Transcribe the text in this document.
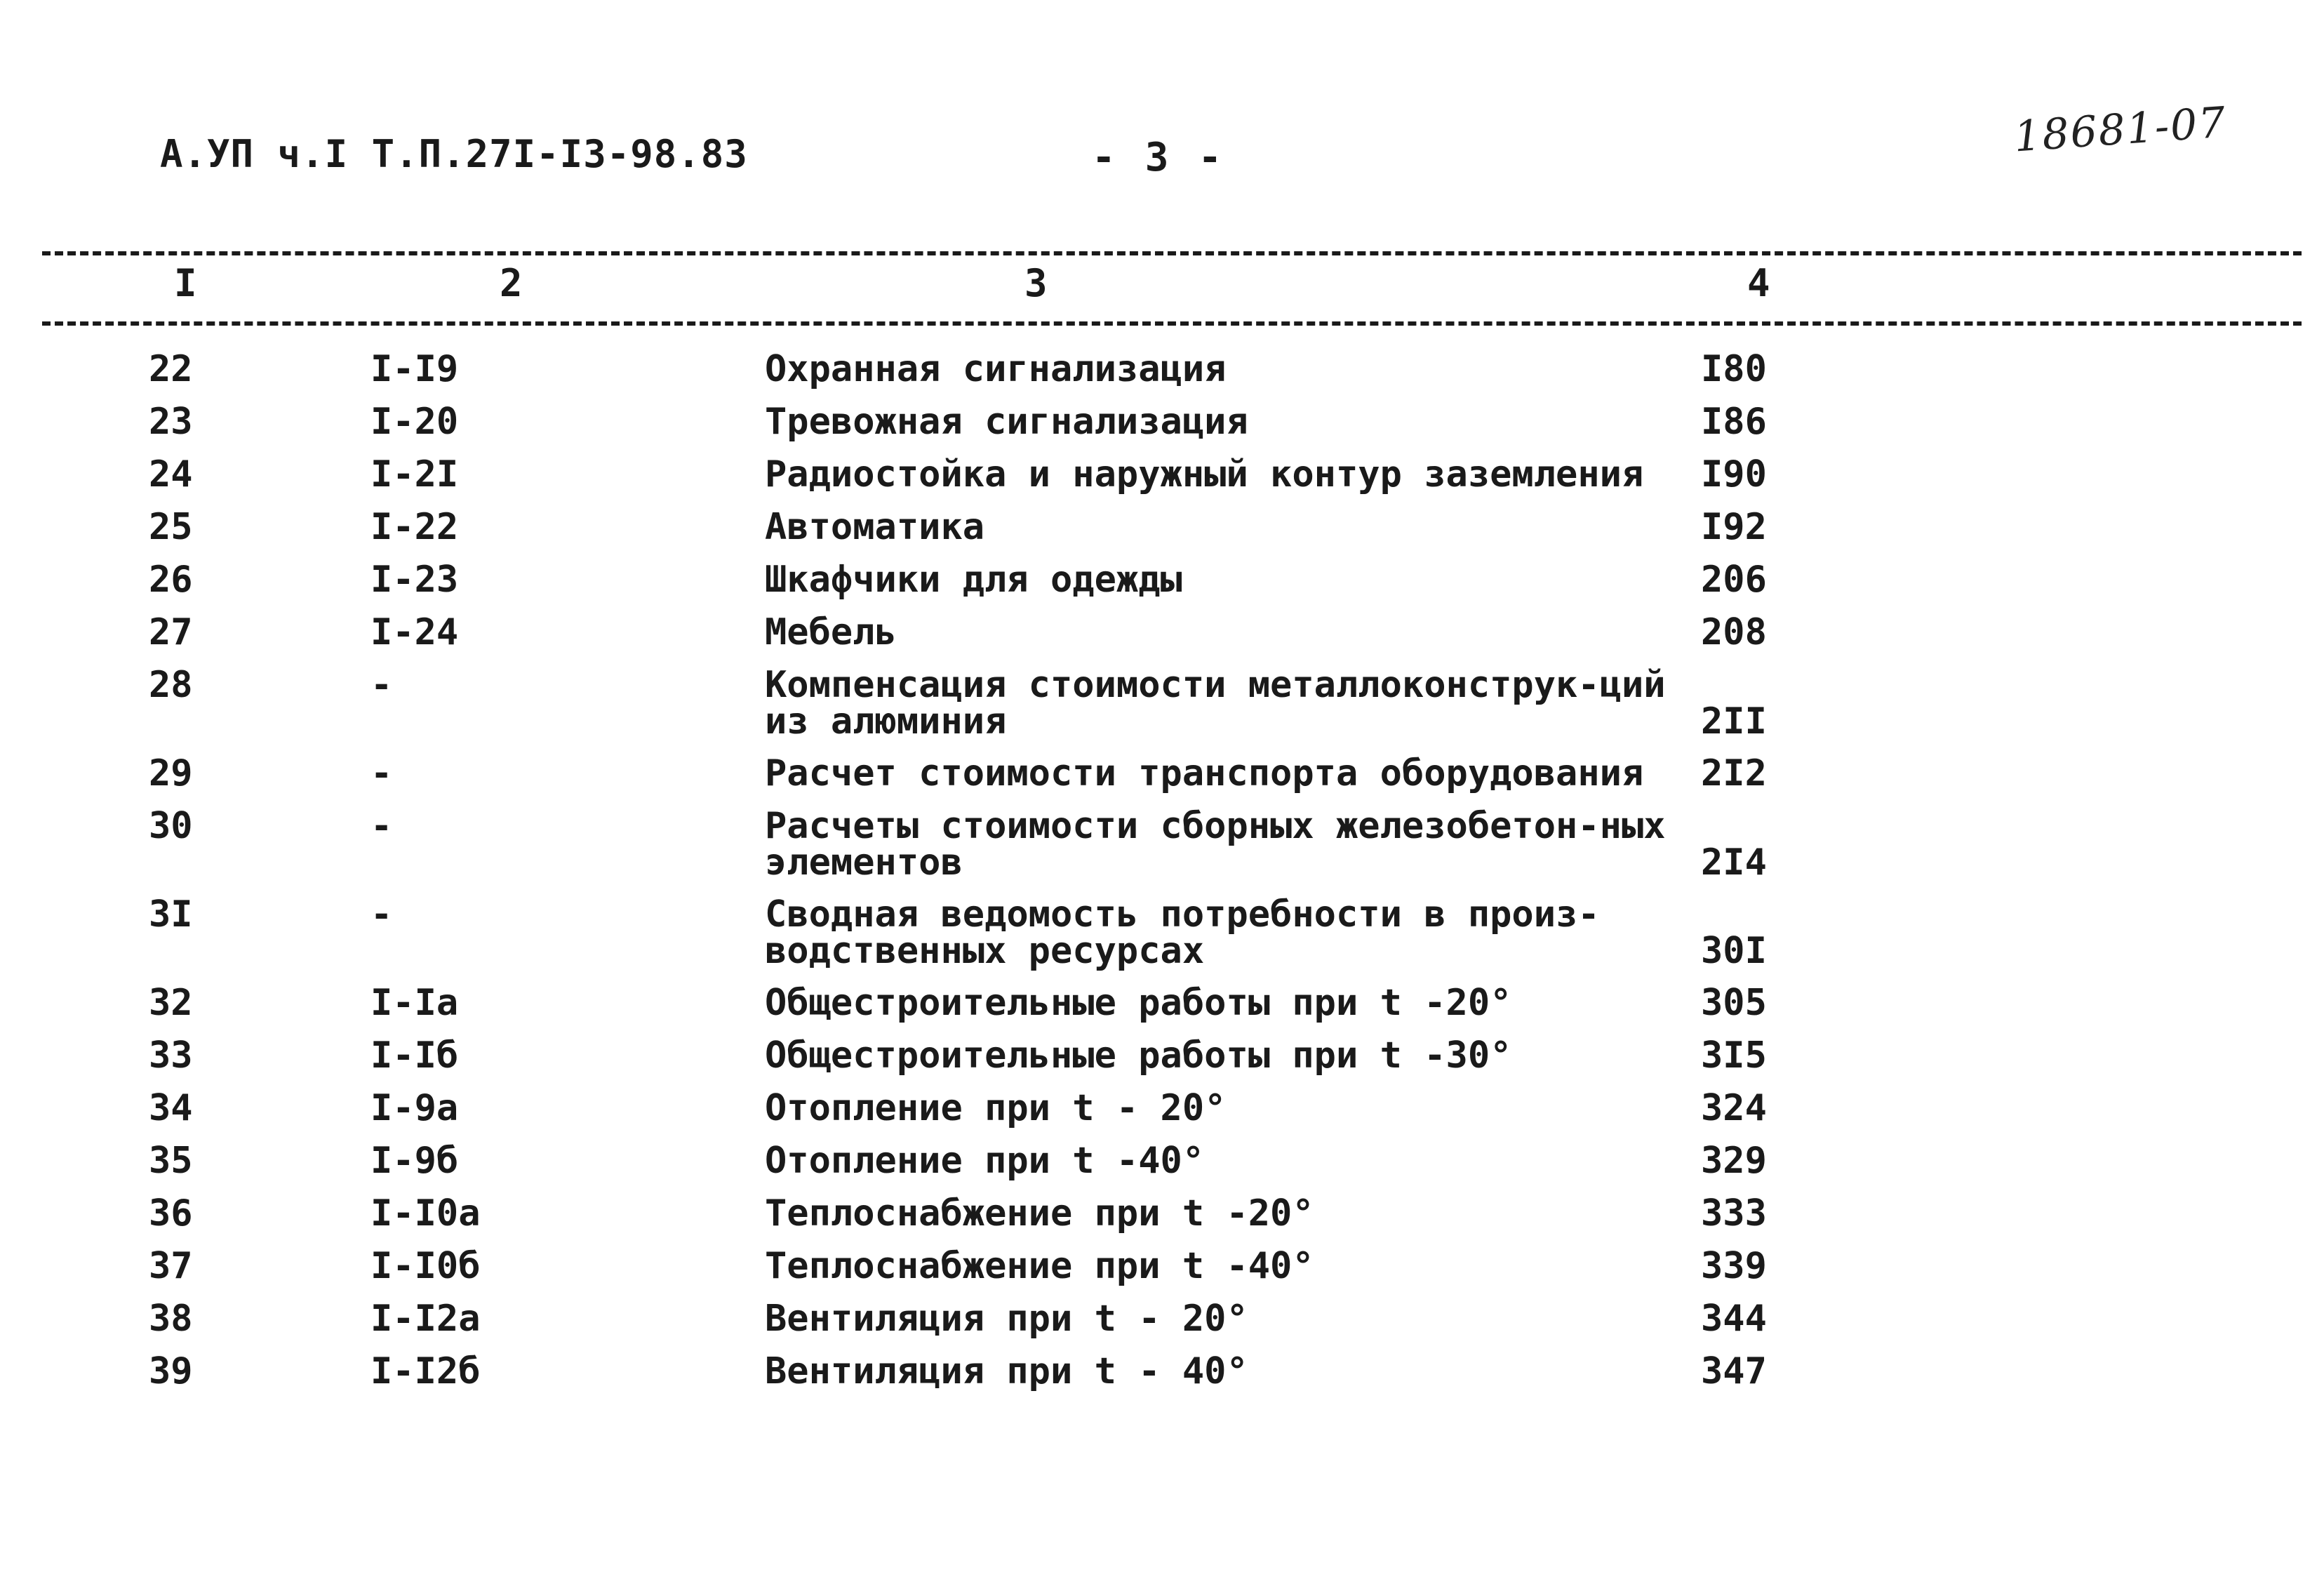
А.УП ч.I Т.П.27I-I3-98.83	- 3 -	18681-07
I	2	3	4
22	I-I9	Охранная сигнализация	I80
23	I-20	Тревожная сигнализация	I86
24	I-2I	Радиостойка и наружный контур заземления	I90
25	I-22	Автоматика	I92
26	I-23	Шкафчики для одежды	206
27	I-24	Мебель	208
28	-	Компенсация стоимости металлоконструк-ций из алюминия	2II
29	-	Расчет стоимости транспорта оборудования	2I2
30	-	Расчеты стоимости сборных железобетон-ных элементов	2I4
3I	-	Сводная ведомость потребности в произ-водственных ресурсах	30I
32	I-Iа	Общестроительные работы при t -20°	305
33	I-Iб	Общестроительные работы при t -30°	3I5
34	I-9а	Отопление при t - 20°	324
35	I-9б	Отопление при t -40°	329
36	I-I0а	Теплоснабжение при t -20°	333
37	I-I0б	Теплоснабжение при t -40°	339
38	I-I2а	Вентиляция при t - 20°	344
39	I-I2б	Вентиляция при t - 40°	347
